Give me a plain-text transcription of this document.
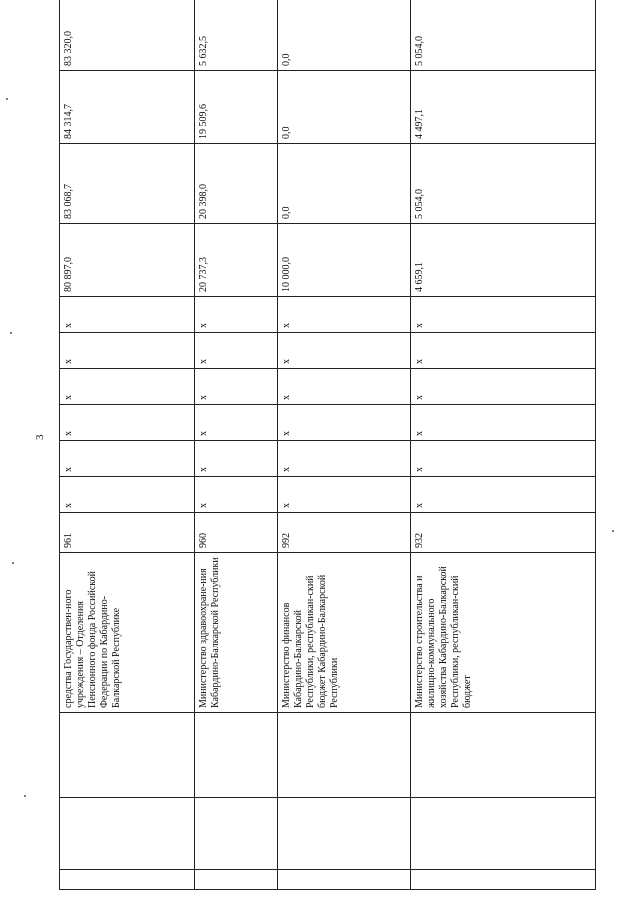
3
			средства Государствен-ного учреждения – Отделения Пенсионного фонда Российской Федерации по Кабардино-Балкарской Республике	961	x	x	x	x	x	x	80 897,0	83 068,7	84 314,7	83 320,0	
			Министерство здравоохране-ния Кабардино-Балкарской Республики	960	x	x	x	x	x	x	20 737,3	20 398,0	19 509,6	5 632,5	
			Министерство финансов Кабардино-Балкарской Республики, республикан-ский бюджет Кабардино-Балкарской Республики	992	x	x	x	x	x	x	10 000,0	0,0	0,0	0,0	
			Министерство строительства и жилищно-коммунального хозяйства Кабардино-Балкарской Республики, республикан-ский бюджет	932	x	x	x	x	x	x	4 659,1	5 054,0	4 497,1	5 054,0	
